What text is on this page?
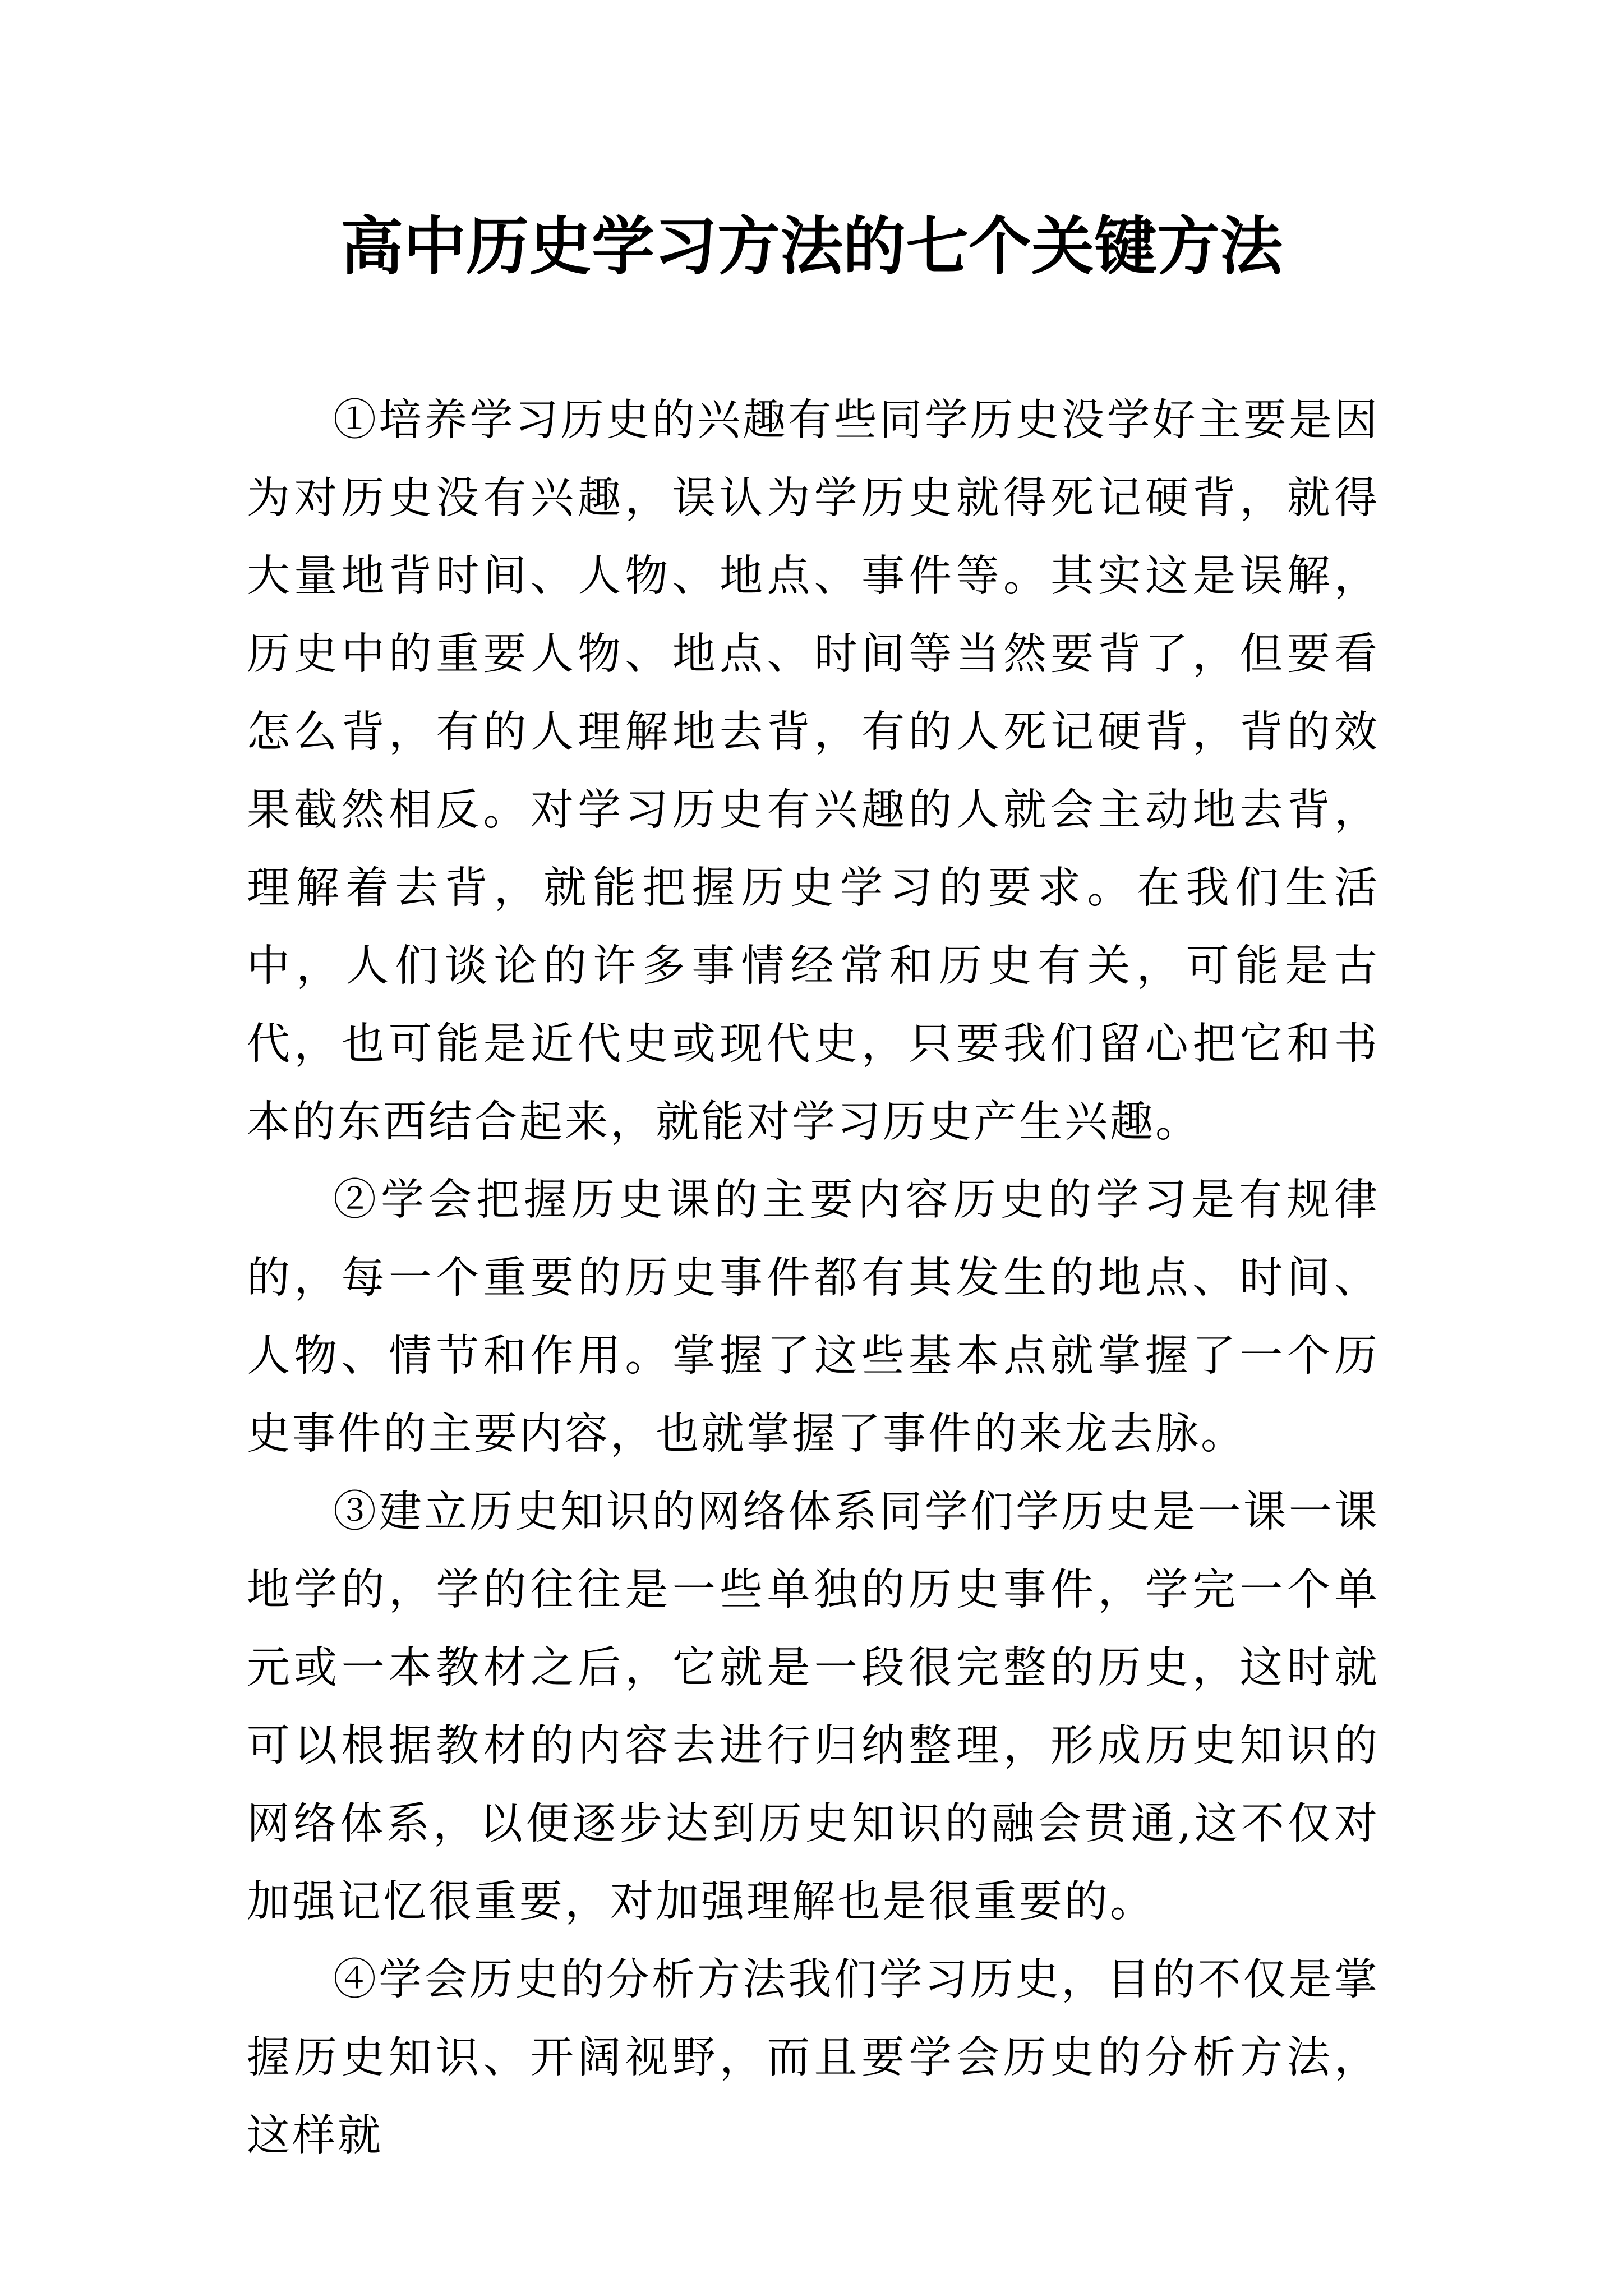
高中历史学习方法的七个关键方法

①培养学习历史的兴趣有些同学历史没学好主要是因为对历史没有兴趣，误认为学历史就得死记硬背，就得大量地背时间、人物、地点、事件等。其实这是误解，历史中的重要人物、地点、时间等当然要背了，但要看怎么背，有的人理解地去背，有的人死记硬背，背的效果截然相反。对学习历史有兴趣的人就会主动地去背，理解着去背，就能把握历史学习的要求。在我们生活中，人们谈论的许多事情经常和历史有关，可能是古代，也可能是近代史或现代史，只要我们留心把它和书本的东西结合起来，就能对学习历史产生兴趣。

②学会把握历史课的主要内容历史的学习是有规律的，每一个重要的历史事件都有其发生的地点、时间、人物、情节和作用。掌握了这些基本点就掌握了一个历史事件的主要内容，也就掌握了事件的来龙去脉。

③建立历史知识的网络体系同学们学历史是一课一课地学的，学的往往是一些单独的历史事件，学完一个单元或一本教材之后，它就是一段很完整的历史，这时就可以根据教材的内容去进行归纳整理，形成历史知识的网络体系，以便逐步达到历史知识的融会贯通,这不仅对加强记忆很重要，对加强理解也是很重要的。

④学会历史的分析方法我们学习历史，目的不仅是掌握历史知识、开阔视野，而且要学会历史的分析方法，这样就
